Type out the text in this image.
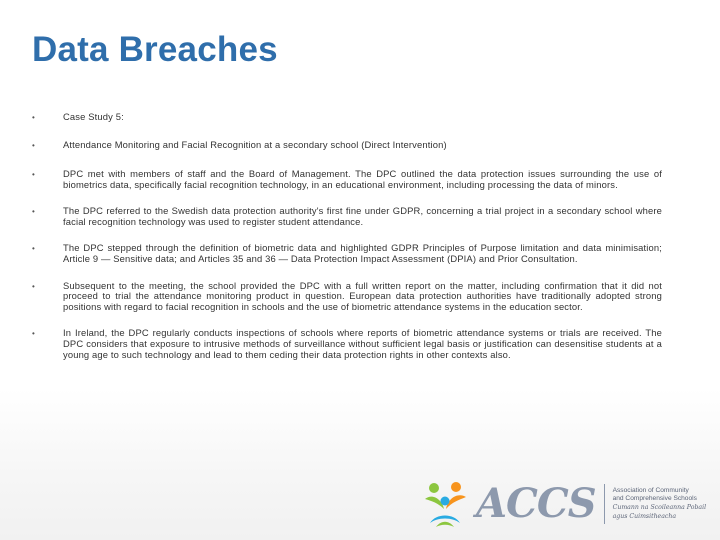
Data Breaches
•	Case Study 5:
•	Attendance Monitoring and Facial Recognition at a secondary school (Direct Intervention)
•	DPC met with members of staff and the Board of Management. The DPC outlined the data protection issues surrounding the use of biometrics data, specifically facial recognition technology, in an educational environment, including processing the data of minors.
•	The DPC referred to the Swedish data protection authority's first fine under GDPR, concerning a trial project in a secondary school where facial recognition technology was used to register student attendance.
•	The DPC stepped through the definition of biometric data and highlighted GDPR Principles of Purpose limitation and data minimisation; Article 9 — Sensitive data; and Articles 35 and 36 — Data Protection Impact Assessment (DPIA) and Prior Consultation.
•	Subsequent to the meeting, the school provided the DPC with a full written report on the matter, including confirmation that it did not proceed to trial the attendance monitoring product in question. European data protection authorities have traditionally adopted strong positions with regard to facial recognition in schools and the use of biometric attendance systems in the education sector.
•	In Ireland, the DPC regularly conducts inspections of schools where reports of biometric attendance systems or trials are received. The DPC considers that exposure to intrusive methods of surveillance without sufficient legal basis or justification can desensitise students at a young age to such technology and lead to them ceding their data protection rights in other contexts also.
ACCS	Association of Community
and Comprehensive Schools
Cumann na Scoileanna Pobail
agus Cuimsitheacha
